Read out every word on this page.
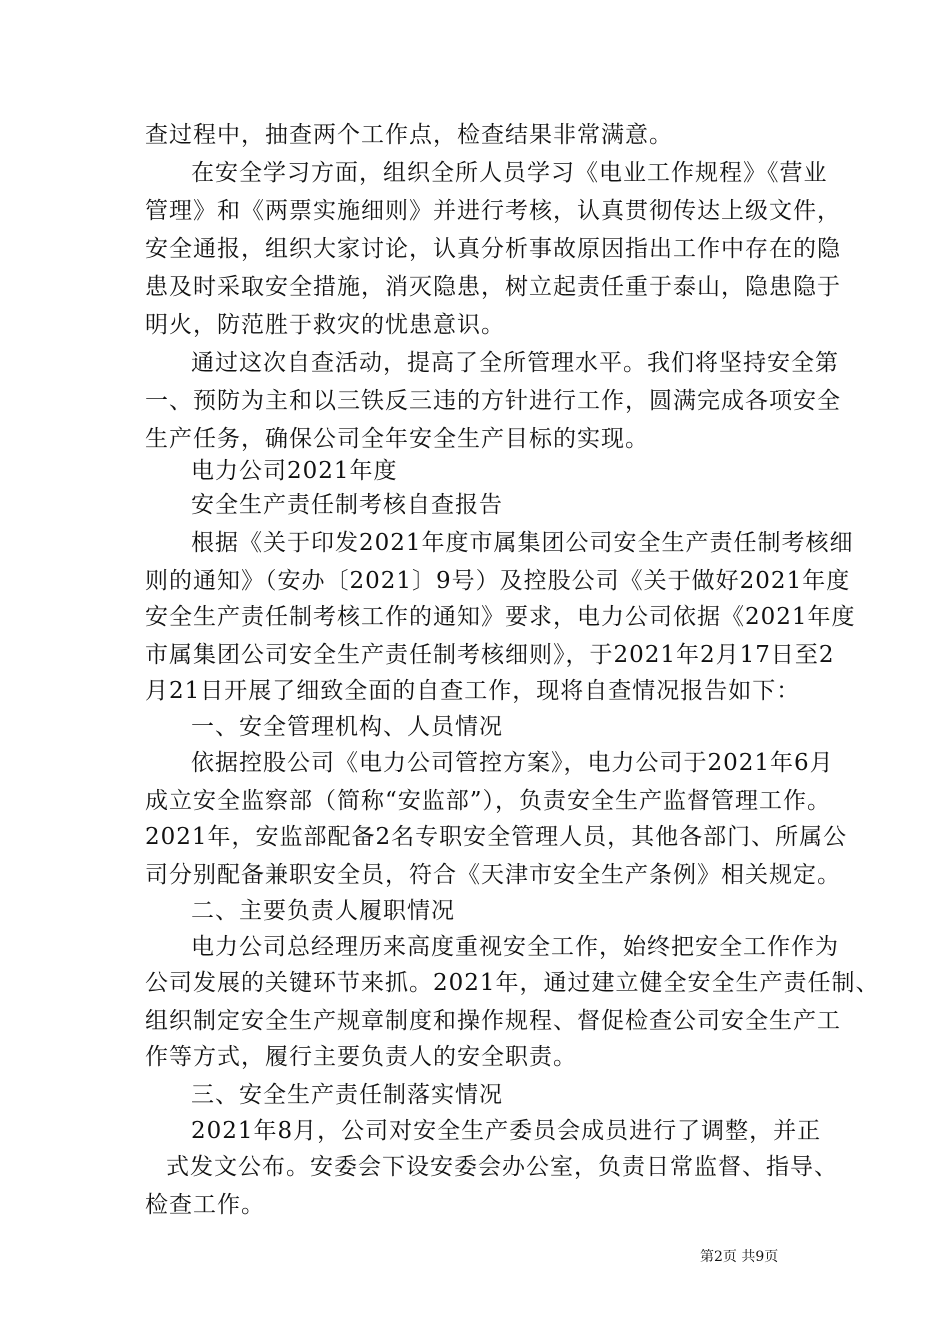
查过程中，抽查两个工作点，检查结果非常满意。
在安全学习方面，组织全所人员学习《电业工作规程》《营业
管理》和《两票实施细则》并进行考核，认真贯彻传达上级文件，
安全通报，组织大家讨论，认真分析事故原因指出工作中存在的隐
患及时采取安全措施，消灭隐患，树立起责任重于泰山，隐患隐于
明火，防范胜于救灾的忧患意识。
通过这次自查活动，提高了全所管理水平。我们将坚持安全第
一、预防为主和以三铁反三违的方针进行工作，圆满完成各项安全
生产任务，确保公司全年安全生产目标的实现。
电力公司2021年度
安全生产责任制考核自查报告
根据《关于印发2021年度市属集团公司安全生产责任制考核细
则的通知》（安办〔2021〕9号）及控股公司《关于做好2021年度
安全生产责任制考核工作的通知》要求，电力公司依据《2021年度
市属集团公司安全生产责任制考核细则》，于2021年2月17日至2
月21日开展了细致全面的自查工作，现将自查情况报告如下：
一、安全管理机构、人员情况
依据控股公司《电力公司管控方案》，电力公司于2021年6月
成立安全监察部（简称“安监部”），负责安全生产监督管理工作。
2021年，安监部配备2名专职安全管理人员，其他各部门、所属公
司分别配备兼职安全员，符合《天津市安全生产条例》相关规定。
二、主要负责人履职情况
电力公司总经理历来高度重视安全工作，始终把安全工作作为
公司发展的关键环节来抓。2021年，通过建立健全安全生产责任制、
组织制定安全生产规章制度和操作规程、督促检查公司安全生产工
作等方式，履行主要负责人的安全职责。
三、安全生产责任制落实情况
2021年8月，公司对安全生产委员会成员进行了调整，并正
式发文公布。安委会下设安委会办公室，负责日常监督、指导、
检查工作。
第2页 共9页
